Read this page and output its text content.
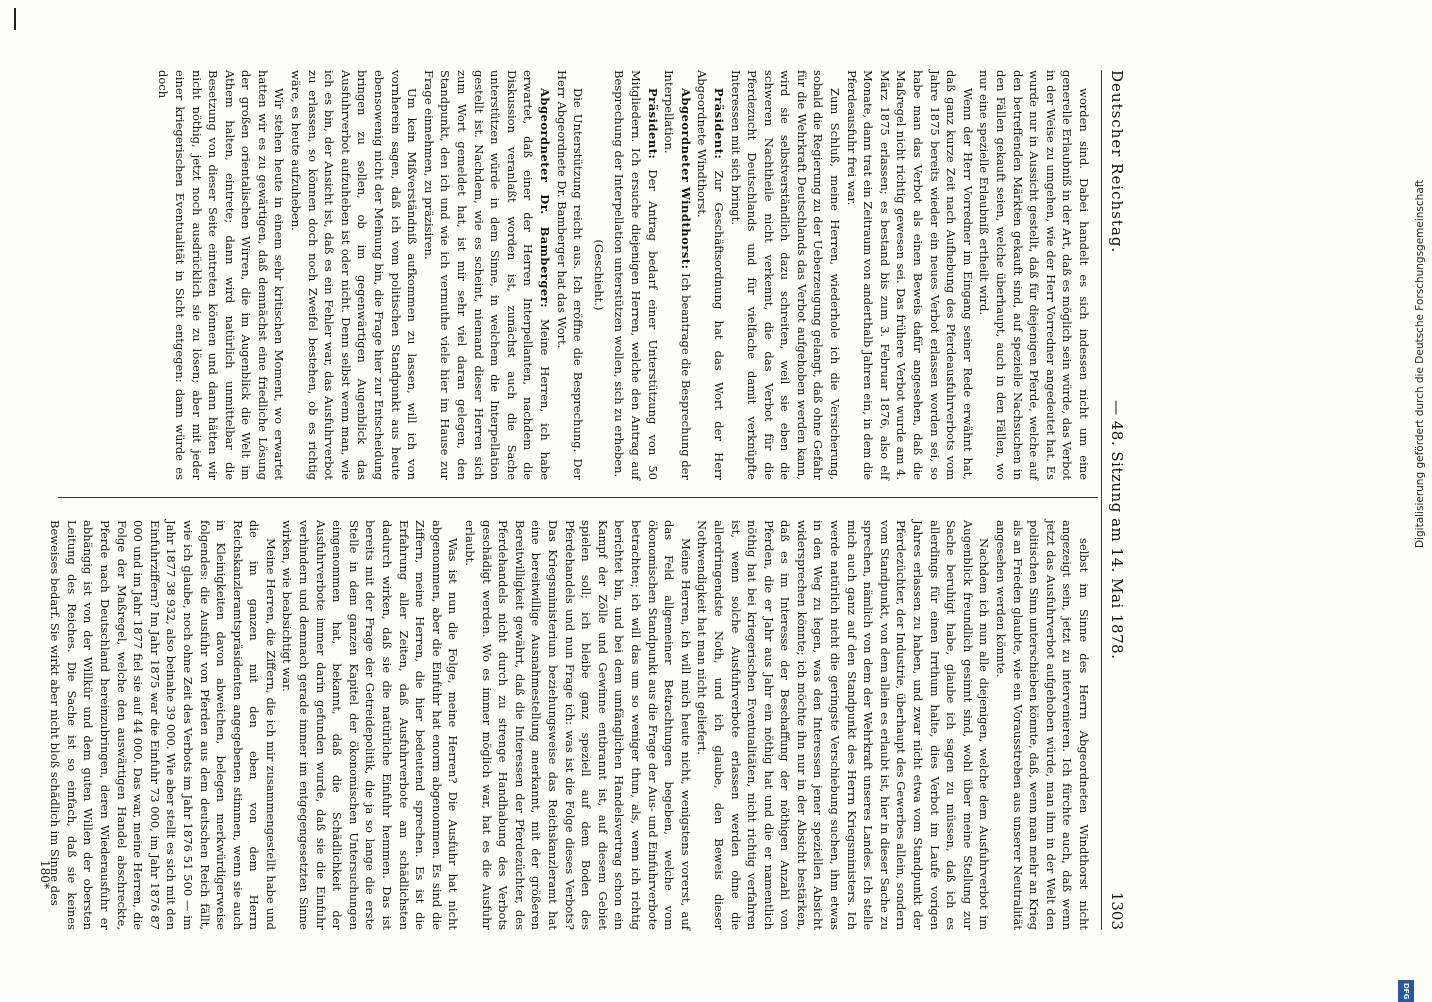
Deutscher Reichstag.
— 48. Sitzung am 14. Mai 1878.
1303

worden sind. Dabei handelt es sich indessen nicht um eine generelle Erlaubniß in der Art, daß es möglich sein würde, das Verbot in der Weise zu umgehen, wie der Herr Vorredner angedeutet hat. Es wurde nur in Aussicht gestellt, daß für diejenigen Pferde, welche auf den betreffenden Märkten gekauft sind, auf spezielle Nachsuchen in den Fällen gekauft seien, welche überhaupt, auch in den Fällen, wo nur eine spezielle Erlaubniß ertheilt wird.

Wenn der Herr Vorredner im Eingang seiner Rede erwähnt hat, daß ganz kurze Zeit nach Aufhebung des Pferdeausfuhrverbots vom Jahre 1875 bereits wieder ein neues Verbot erlassen worden sei, so habe man das Verbot als einen Beweis dafür angesehen, daß die Maßregel nicht richtig gewesen sei. Das frühere Verbot wurde am 4. März 1875 erlassen; es bestand bis zum 3. Februar 1876, also elf Monate, dann trat ein Zeitraum von anderthalb Jahren ein, in dem die Pferdeausfuhr frei war.

Zum Schluß, meine Herren, wiederhole ich die Versicherung, sobald die Regierung zu der Ueberzeugung gelangt, daß ohne Gefahr für die Wehrkraft Deutschlands das Verbot aufgehoben werden kann, wird sie selbstverständlich dazu schreiten, weil sie eben die schweren Nachtheile nicht verkennt, die das Verbot für die Pferdezucht Deutschlands und für vielfache damit verknüpfte Interessen mit sich bringt.

Präsident: Zur Geschäftsordnung hat das Wort der Herr Abgeordnete Windthorst.

Abgeordneter Windthorst: Ich beantrage die Besprechung der Interpellation.

Präsident: Der Antrag bedarf einer Unterstützung von 50 Mitgliedern. Ich ersuche diejenigen Herren, welche den Antrag auf Besprechung der Interpellation unterstützen wollen, sich zu erheben.

(Geschieht.)

Die Unterstützung reicht aus. Ich eröffne die Besprechung. Der Herr Abgeordnete Dr. Bamberger hat das Wort.

Abgeordneter Dr. Bamberger: Meine Herren, ich habe erwartet, daß einer der Herren Interpellanten, nachdem die Diskussion veranlaßt worden ist, zunächst auch die Sache unterstützen würde in dem Sinne, in welchem die Interpellation gestellt ist. Nachdem, wie es scheint, niemand dieser Herren sich zum Wort gemeldet hat, ist mir sehr viel daran gelegen, den Standpunkt, den ich und wie ich vermuthe viele hier im Hause zur Frage einnehmen, zu präzisiren.

Um kein Mißverständniß aufkommen zu lassen, will ich von vornherein sagen, daß ich vom politischen Standpunkt aus heute ebensowenig nicht der Meinung bin, die Frage hier zur Entscheidung bringen zu sollen, ob im gegenwärtigen Augenblick das Ausfuhrverbot aufzuheben ist oder nicht. Denn selbst wenn man, wie ich es bin, der Ansicht ist, daß es ein Fehler war, das Ausfuhrverbot zu erlassen, so können doch noch Zweifel bestehen, ob es richtig wäre, es heute aufzuheben.

Wir stehen heute in einem sehr kritischen Moment, wo erwartet hatten wir es zu gewärtigen, daß demnächst eine friedliche Lösung der großen orientalischen Wirren, die im Augenblick die Welt im Athem halten, eintrete; dann wird natürlich unmittelbar die Besetzung von dieser Seite eintreten können und dann hätten wir nicht nöthig, jetzt noch ausdrücklich sie zu lösen; aber mit jeder einer kriegerischen Eventualität in Sicht entgegen: dann würde es doch

selbst im Sinne des Herrn Abgeordneten Windthorst nicht angezeigt sein, jetzt zu intervenieren. Ich fürchte auch, daß wenn jetzt das Ausfuhrverbot aufgehoben würde, man ihm in der Welt den politischen Sinn unterschieben könnte, daß, wenn man mehr an Krieg als an Frieden glaubte, wie ein Vorausstreben aus unserer Neutralität angesehen werden könnte.

Nachdem ich nun alle diejenigen, welche dem Ausfuhrverbot im Augenblick freundlich gesinnt sind, wohl über meine Stellung zur Sache beruhigt habe, glaube ich sagen zu müssen, daß ich es allerdings für einen Irrthum halte, dies Verbot im Laufe vorigen Jahres erlassen zu haben, und zwar nicht etwa vom Standpunkt der Pferdezüchter, der Industrie, überhaupt des Gewerbes allein, sondern vom Standpunkt, von dem allein es erlaubt ist, hier in dieser Sache zu sprechen, nämlich von dem der Wehrkraft unseres Landes. Ich stelle mich auch ganz auf den Standpunkt des Herrn Kriegsministers. Ich werde natürlich nicht die geringste Verschiebung suchen, ihm etwas in den Weg zu legen, was den Interessen jener speziellen Absicht widersprechen könnte; ich möchte ihn nur in der Absicht bestärken, daß es im Interesse der Beschaffung der nöthigen Anzahl von Pferden, die er Jahr aus Jahr ein nöthig hat und die er namentlich nöthig hat bei kriegerischen Eventualitäten, nicht richtig verfahren ist, wenn solche Ausfuhrverbote erlassen werden ohne die allerdringendste Noth, und ich glaube, den Beweis dieser Nothwendigkeit hat man nicht geliefert.

Meine Herren, ich will mich heute nicht, wenigstens vorerst, auf das Feld allgemeiner Betrachtungen begeben, welche vom ökonomischen Standpunkt aus die Frage der Aus- und Einfuhrverbote betrachten; ich will das um so weniger thun, als, wenn ich richtig berichtet bin, und bei dem umfänglichen Handelsvertrag schon ein Kampf der Zölle und Gewinne entbrannt ist, auf diesem Gebiet spielen soll; ich bleibe ganz speziell auf dem Boden des Pferdehandels und nun Frage ich: was ist die Folge dieses Verbots? Das Kriegsministerium beziehungsweise das Reichskanzleramt hat eine bereitwillige Ausnahmestellung anerkannt, mit der größeren Bereitwilligkeit gewährt, daß die Interessen der Pferdezüchter, des Pferdehandels nicht durch zu strenge Handhabung des Verbots geschädigt werden. Wo es immer möglich war, hat es die Ausfuhr erlaubt.

Was ist nun die Folge, meine Herren? Die Ausfuhr hat nicht abgenommen, aber die Einfuhr hat enorm abgenommen. Es sind die Ziffern, meine Herren, die hier bedeutend sprechen. Es ist die Erfahrung aller Zeiten, daß Ausfuhrverbote am schädlichsten dadurch wirken, daß sie die natürliche Einfuhr hemmen. Das ist bereits mit der Frage der Getreidepolitik, die ja so lange die erste Stelle in dem ganzen Kapitel der ökonomischen Untersuchungen eingenommen hat, bekannt, daß die Schädlichkeit der Ausfuhrverbote immer darin gefunden wurde, daß sie die Einfuhr verhindern und demnach gerade immer im entgegengesetzten Sinne wirken, wie beabsichtigt war.

Meine Herren, die Ziffern, die ich mir zusammengestellt habe und die im ganzen mit den eben von dem Herrn Reichskanzleramtspräsidenten angegebenen stimmen, wenn sie auch in Kleinigkeiten davon abweichen, belegen merkwürdigerweise folgendes: die Ausfuhr von Pferden aus dem deutschen Reich fällt, wie ich glaube, noch ohne Zeit des Verbots im Jahr 1876 51 500 — im Jahr 1877 38 932, also beinahe 39 000. Wie aber stellt es sich mit den Einfuhrziffern? Im Jahr 1875 war die Einfuhr 73 000, im Jahr 1876 87 000 und im Jahr 1877 fiel sie auf 44 000. Das war, meine Herren, die Folge der Maßregel, welche den auswärtigen Handel abschreckte, Pferde nach Deutschland hereinzubringen, deren Wiederausfuhr er abhängig ist von der Willkür und dem guten Willen der obersten Leitung des Reiches. Die Sache ist so einfach, daß sie keines Beweises bedarf. Sie wirkt aber nicht bloß schädlich im Sinne des

180*
Digitalisierung gefördert durch die Deutsche Forschungsgemeinschaft
DFG
